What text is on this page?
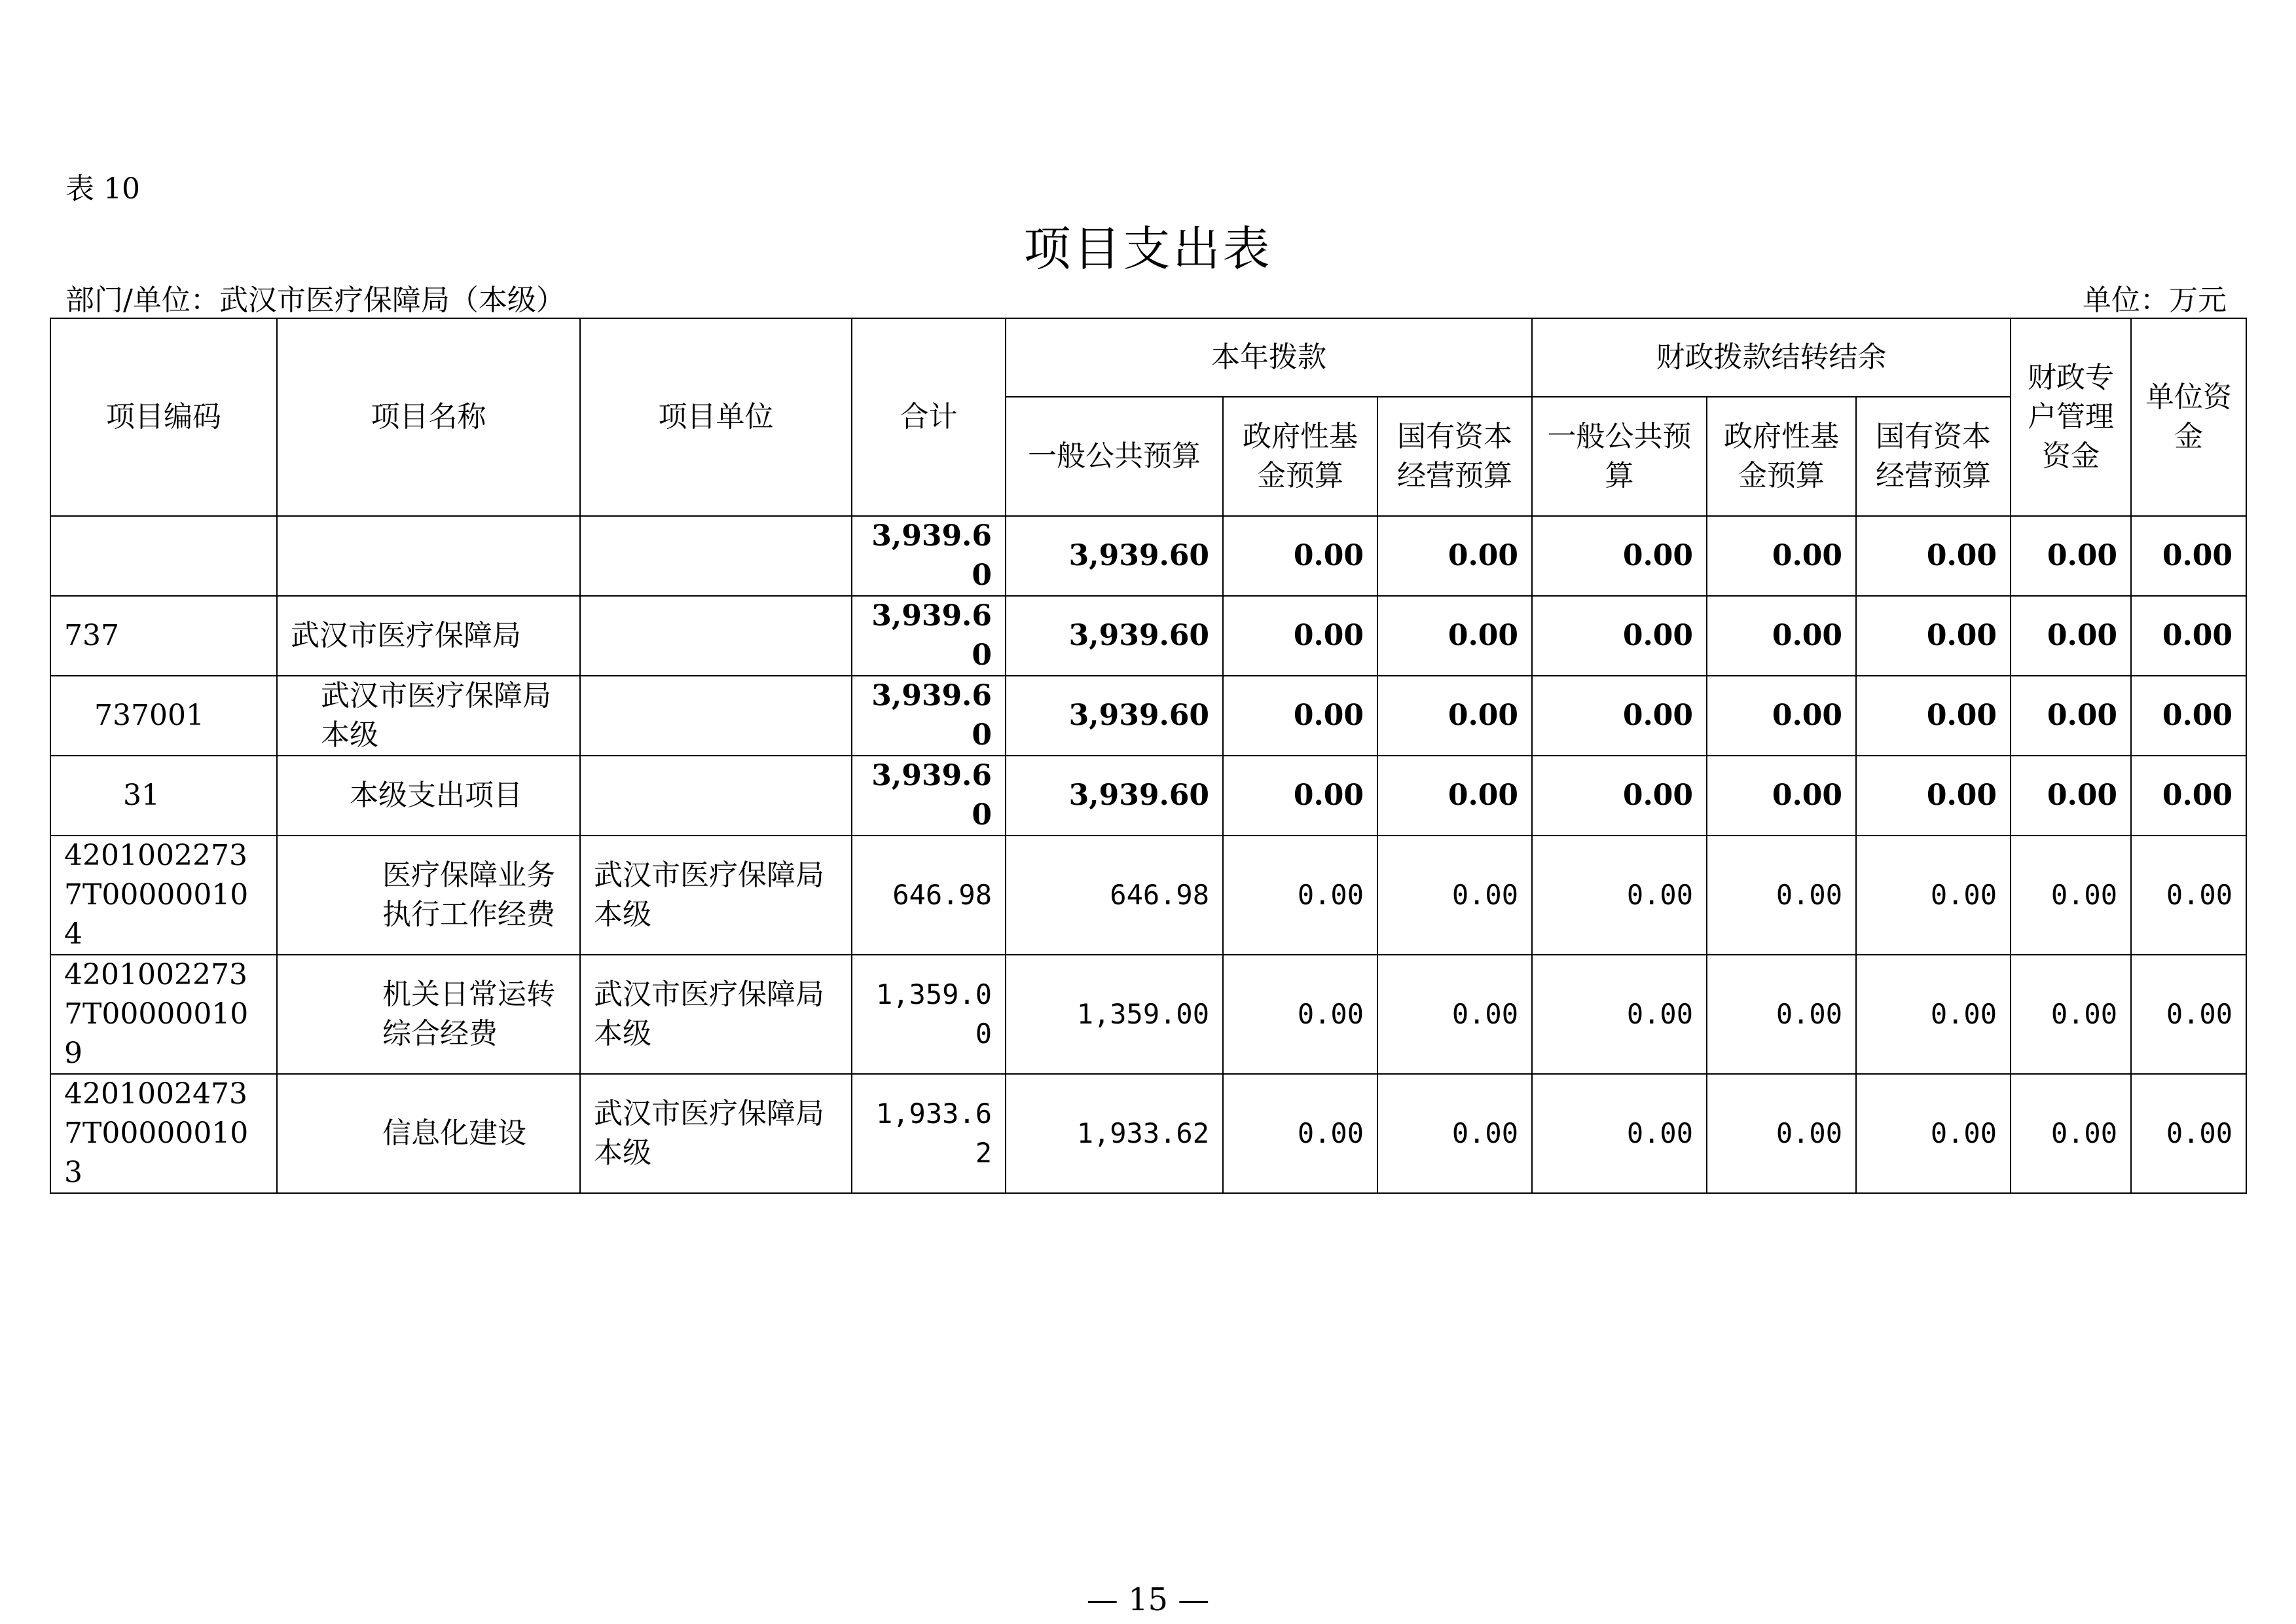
表 10
项目支出表
部门/单位：武汉市医疗保障局（本级）	单位：万元
项目编码	项目名称	项目单位	合计	本年拨款			财政拨款结转结余			财政专户管理资金	单位资金
				一般公共预算	政府性基金预算	国有资本经营预算	一般公共预算	政府性基金预算	国有资本经营预算		
			3,939.60	3,939.60	0.00	0.00	0.00	0.00	0.00	0.00	0.00
737	武汉市医疗保障局		3,939.60	3,939.60	0.00	0.00	0.00	0.00	0.00	0.00	0.00
737001	武汉市医疗保障局本级		3,939.60	3,939.60	0.00	0.00	0.00	0.00	0.00	0.00	0.00
31	本级支出项目		3,939.60	3,939.60	0.00	0.00	0.00	0.00	0.00	0.00	0.00
42010022737T000000104	医疗保障业务执行工作经费	武汉市医疗保障局本级	646.98	646.98	0.00	0.00	0.00	0.00	0.00	0.00	0.00
42010022737T000000109	机关日常运转综合经费	武汉市医疗保障局本级	1,359.00	1,359.00	0.00	0.00	0.00	0.00	0.00	0.00	0.00
42010024737T000000103	信息化建设	武汉市医疗保障局本级	1,933.62	1,933.62	0.00	0.00	0.00	0.00	0.00	0.00	0.00
— 15 —
